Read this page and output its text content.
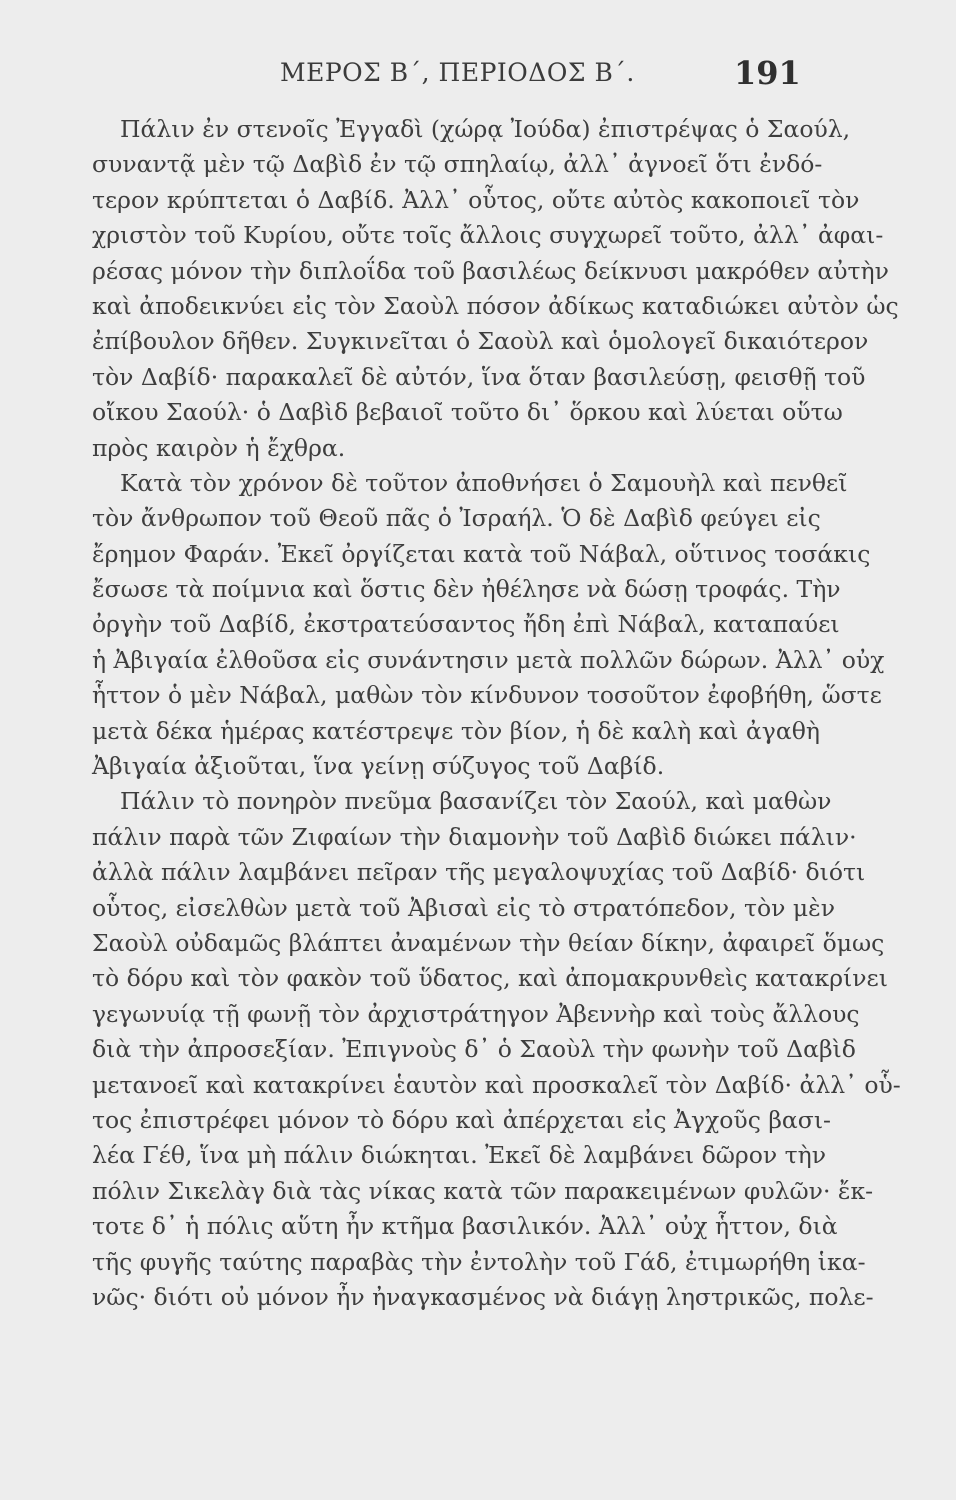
ΜΕΡΟΣ Β΄, ΠΕΡΙΟΔΟΣ Β΄.	191
Πάλιν ἐν στενοῖς Ἐγγαδὶ (χώρᾳ Ἰούδα) ἐπιστρέψας ὁ Σαούλ,
συναντᾷ μὲν τῷ Δαβὶδ ἐν τῷ σπηλαίῳ, ἀλλ᾽ ἀγνοεῖ ὅτι ἐνδό-
τερον κρύπτεται ὁ Δαβίδ. Ἀλλ᾽ οὗτος, οὔτε αὐτὸς κακοποιεῖ τὸν
χριστὸν τοῦ Κυρίου, οὔτε τοῖς ἄλλοις συγχωρεῖ τοῦτο, ἀλλ᾽ ἀφαι-
ρέσας μόνον τὴν διπλοΐδα τοῦ βασιλέως δείκνυσι μακρόθεν αὐτὴν
καὶ ἀποδεικνύει εἰς τὸν Σαοὺλ πόσον ἀδίκως καταδιώκει αὐτὸν ὡς
ἐπίβουλον δῆθεν. Συγκινεῖται ὁ Σαοὺλ καὶ ὁμολογεῖ δικαιότερον
τὸν Δαβίδ· παρακαλεῖ δὲ αὐτόν, ἵνα ὅταν βασιλεύσῃ, φεισθῇ τοῦ
οἴκου Σαούλ· ὁ Δαβὶδ βεβαιοῖ τοῦτο δι᾽ ὅρκου καὶ λύεται οὕτω
πρὸς καιρὸν ἡ ἔχθρα.
Κατὰ τὸν χρόνον δὲ τοῦτον ἀποθνήσει ὁ Σαμουὴλ καὶ πενθεῖ
τὸν ἄνθρωπον τοῦ Θεοῦ πᾶς ὁ Ἰσραήλ. Ὁ δὲ Δαβὶδ φεύγει εἰς
ἔρημον Φαράν. Ἐκεῖ ὀργίζεται κατὰ τοῦ Νάβαλ, οὕτινος τοσάκις
ἔσωσε τὰ ποίμνια καὶ ὅστις δὲν ἠθέλησε νὰ δώσῃ τροφάς. Τὴν
ὀργὴν τοῦ Δαβίδ, ἐκστρατεύσαντος ἤδη ἐπὶ Νάβαλ, καταπαύει
ἡ Ἀβιγαία ἐλθοῦσα εἰς συνάντησιν μετὰ πολλῶν δώρων. Ἀλλ᾽ οὐχ
ἧττον ὁ μὲν Νάβαλ, μαθὼν τὸν κίνδυνον τοσοῦτον ἐφοβήθη, ὥστε
μετὰ δέκα ἡμέρας κατέστρεψε τὸν βίον, ἡ δὲ καλὴ καὶ ἀγαθὴ
Ἀβιγαία ἀξιοῦται, ἵνα γείνῃ σύζυγος τοῦ Δαβίδ.
Πάλιν τὸ πονηρὸν πνεῦμα βασανίζει τὸν Σαούλ, καὶ μαθὼν
πάλιν παρὰ τῶν Ζιφαίων τὴν διαμονὴν τοῦ Δαβὶδ διώκει πάλιν·
ἀλλὰ πάλιν λαμβάνει πεῖραν τῆς μεγαλοψυχίας τοῦ Δαβίδ· διότι
οὗτος, εἰσελθὼν μετὰ τοῦ Ἀβισαὶ εἰς τὸ στρατόπεδον, τὸν μὲν
Σαοὺλ οὐδαμῶς βλάπτει ἀναμένων τὴν θείαν δίκην, ἀφαιρεῖ ὅμως
τὸ δόρυ καὶ τὸν φακὸν τοῦ ὕδατος, καὶ ἀπομακρυνθεὶς κατακρίνει
γεγωνυίᾳ τῇ φωνῇ τὸν ἀρχιστράτηγον Ἀβεννὴρ καὶ τοὺς ἄλλους
διὰ τὴν ἀπροσεξίαν. Ἐπιγνοὺς δ᾽ ὁ Σαοὺλ τὴν φωνὴν τοῦ Δαβὶδ
μετανοεῖ καὶ κατακρίνει ἑαυτὸν καὶ προσκαλεῖ τὸν Δαβίδ· ἀλλ᾽ οὗ-
τος ἐπιστρέφει μόνον τὸ δόρυ καὶ ἀπέρχεται εἰς Ἀγχοῦς βασι-
λέα Γέθ, ἵνα μὴ πάλιν διώκηται. Ἐκεῖ δὲ λαμβάνει δῶρον τὴν
πόλιν Σικελὰγ διὰ τὰς νίκας κατὰ τῶν παρακειμένων φυλῶν· ἔκ-
τοτε δ᾽ ἡ πόλις αὕτη ἦν κτῆμα βασιλικόν. Ἀλλ᾽ οὐχ ἧττον, διὰ
τῆς φυγῆς ταύτης παραβὰς τὴν ἐντολὴν τοῦ Γάδ, ἐτιμωρήθη ἱκα-
νῶς· διότι οὐ μόνον ἦν ἠναγκασμένος νὰ διάγῃ ληστρικῶς, πολε-
